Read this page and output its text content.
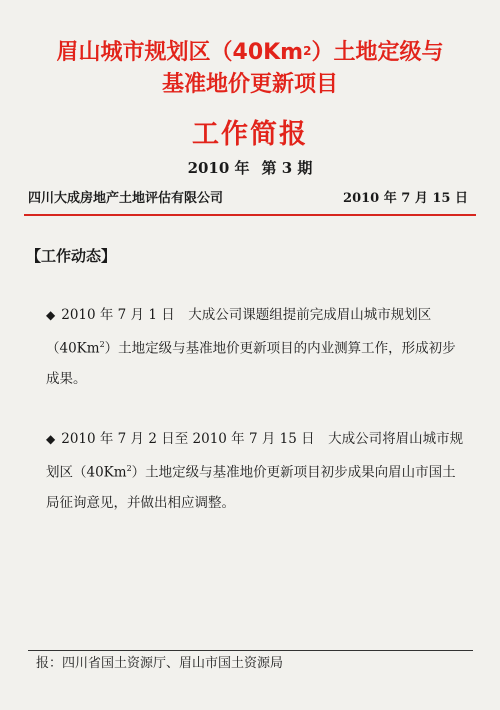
眉山城市规划区（40Km$^2$）土地定级与
基准地价更新项目
工作简报
2010 年 第 3 期
四川大成房地产土地评估有限公司	2010 年 7 月 15 日
【工作动态】

◆ 2010 年 7 月 1 日　大成公司课题组提前完成眉山城市规划区（40Km$^2$）土地定级与基准地价更新项目的内业测算工作，形成初步成果。

◆ 2010 年 7 月 2 日至 2010 年 7 月 15 日　大成公司将眉山城市规划区（40Km$^2$）土地定级与基准地价更新项目初步成果向眉山市国土局征询意见，并做出相应调整。

报：四川省国土资源厅、眉山市国土资源局
